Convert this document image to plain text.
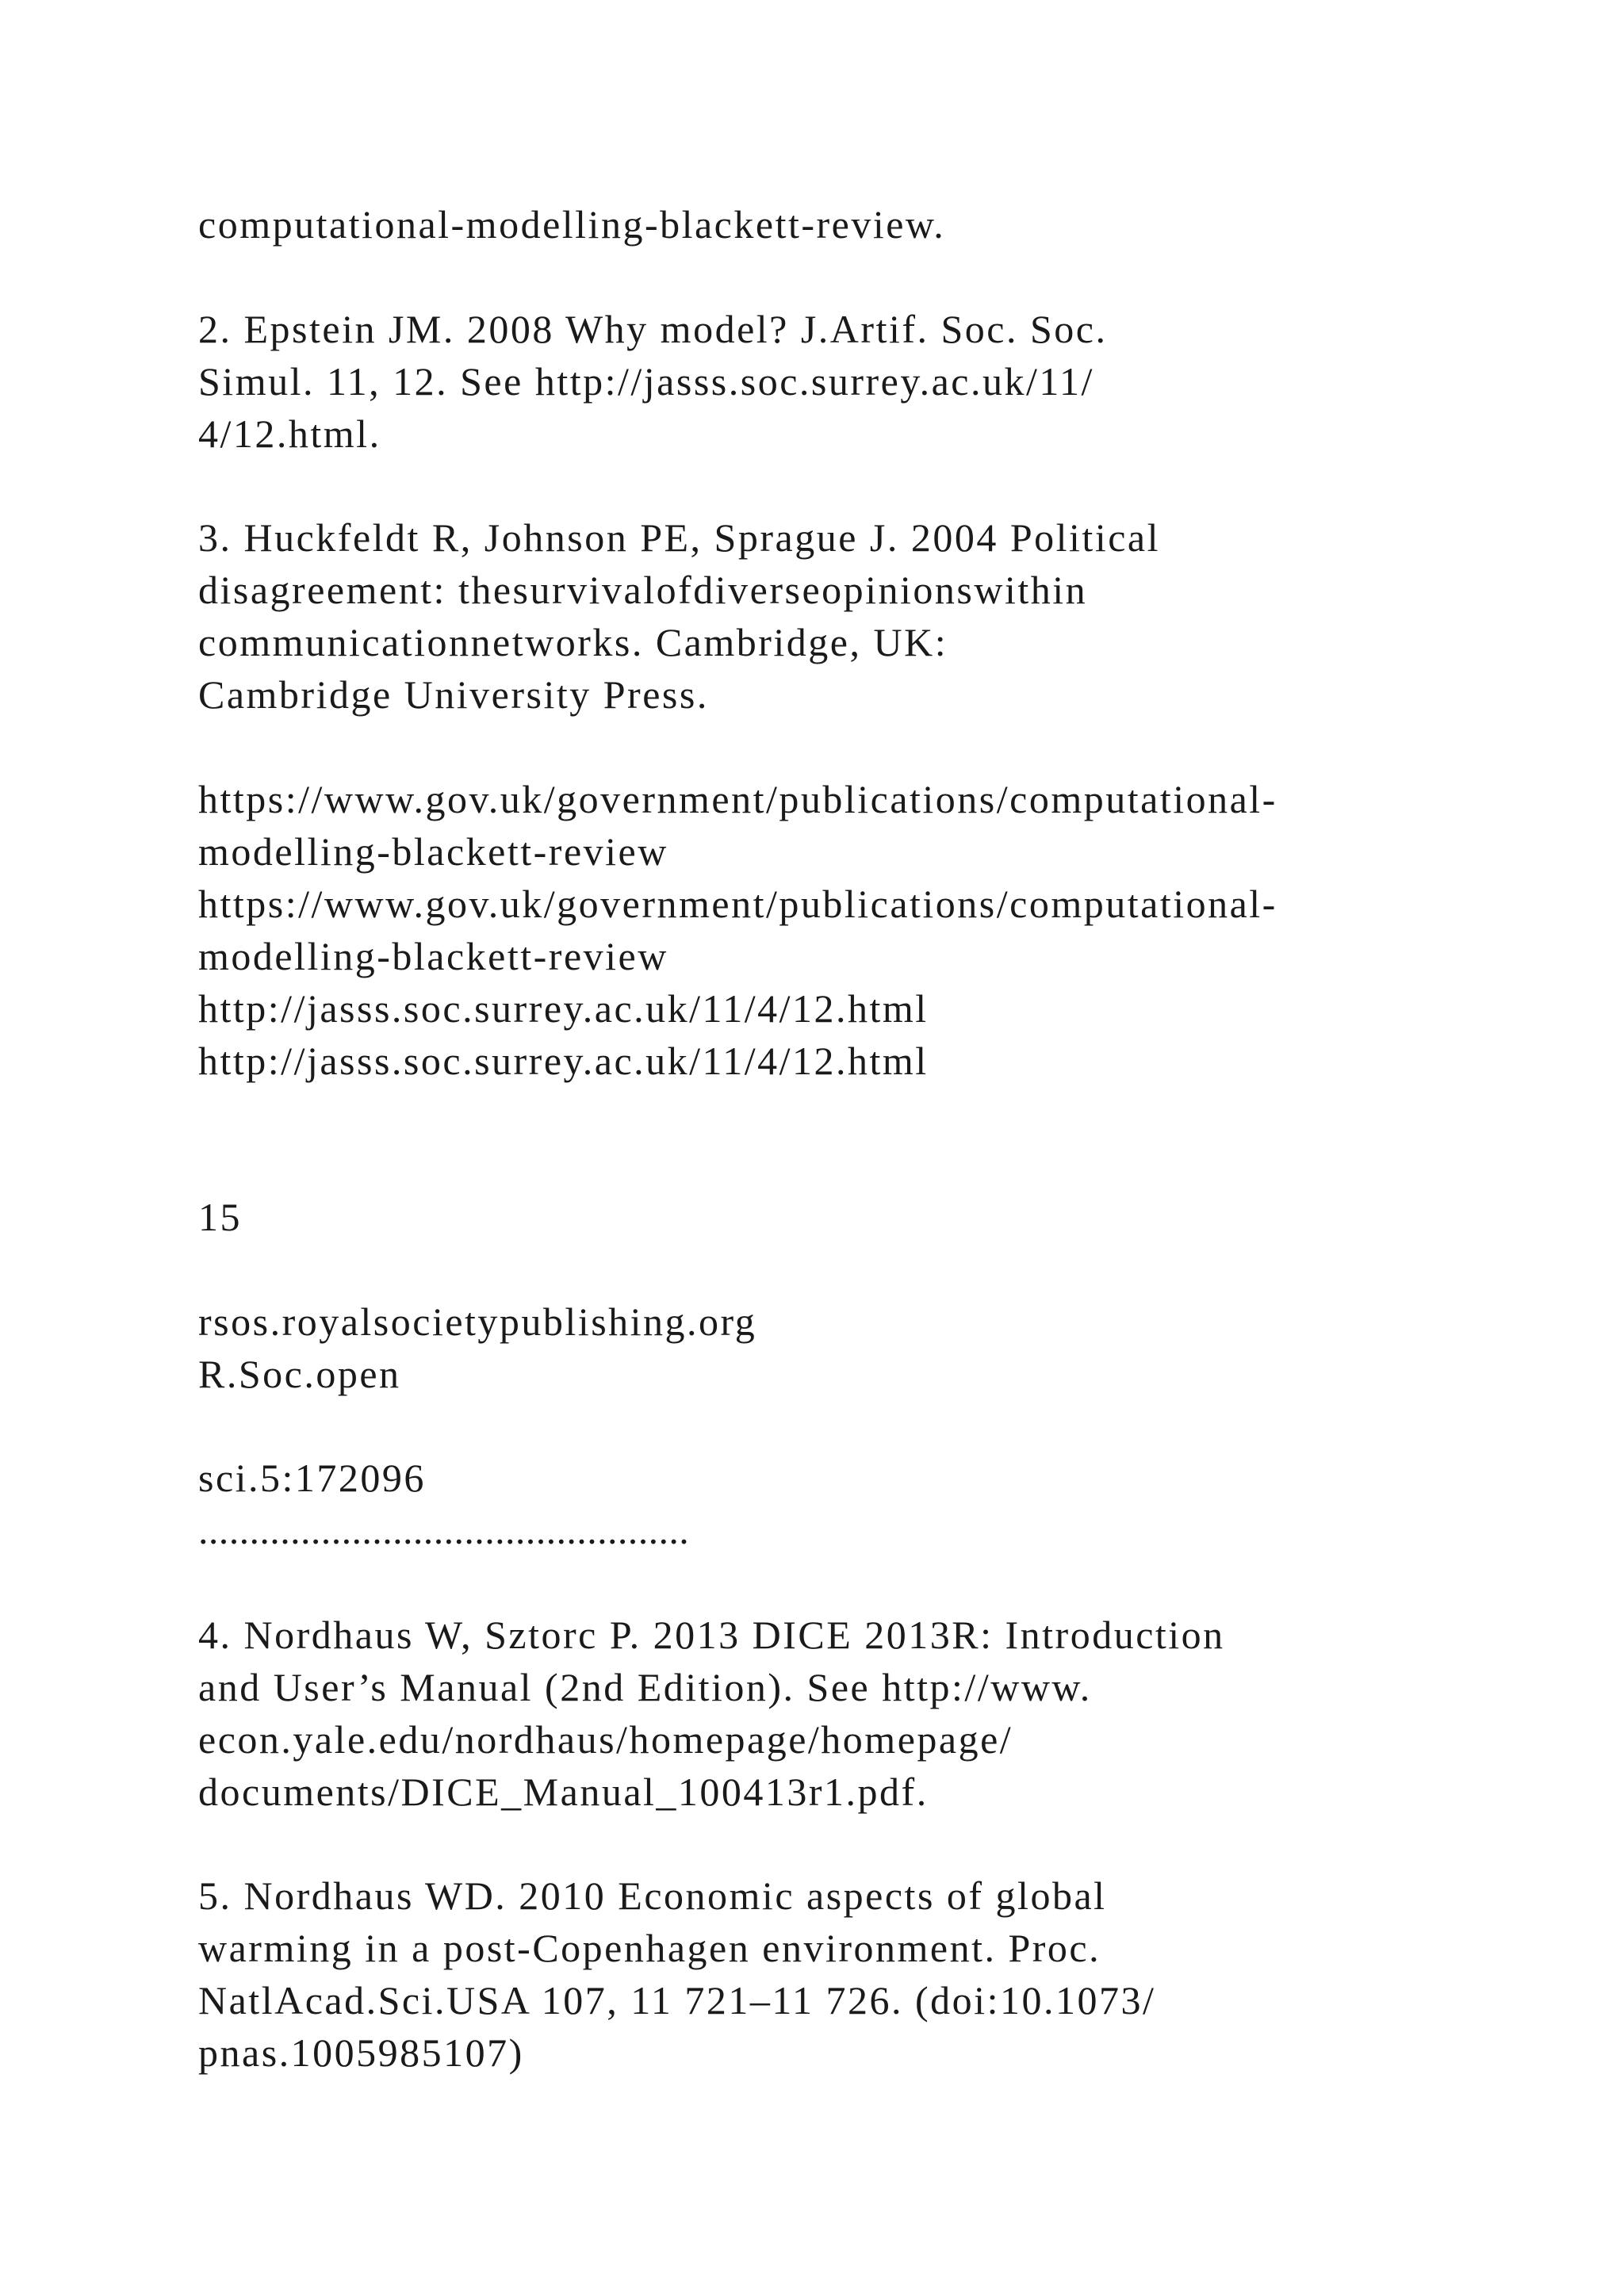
computational-modelling-blackett-review.

2. Epstein JM. 2008 Why model? J.Artif. Soc. Soc.

Simul. 11, 12. See http://jasss.soc.surrey.ac.uk/11/

4/12.html.

3. Huckfeldt R, Johnson PE, Sprague J. 2004 Political

disagreement: thesurvivalofdiverseopinionswithin

communicationnetworks. Cambridge, UK:

Cambridge University Press.

https://www.gov.uk/government/publications/computational-

modelling-blackett-review

https://www.gov.uk/government/publications/computational-

modelling-blackett-review

http://jasss.soc.surrey.ac.uk/11/4/12.html

http://jasss.soc.surrey.ac.uk/11/4/12.html

15

rsos.royalsocietypublishing.org

R.Soc.open

sci.5:172096

................................................

4. Nordhaus W, Sztorc P. 2013 DICE 2013R: Introduction

and User’s Manual (2nd Edition). See http://www.

econ.yale.edu/nordhaus/homepage/homepage/

documents/DICE_Manual_100413r1.pdf.

5. Nordhaus WD. 2010 Economic aspects of global

warming in a post-Copenhagen environment. Proc.

NatlAcad.Sci.USA 107, 11 721–11 726. (doi:10.1073/

pnas.1005985107)
